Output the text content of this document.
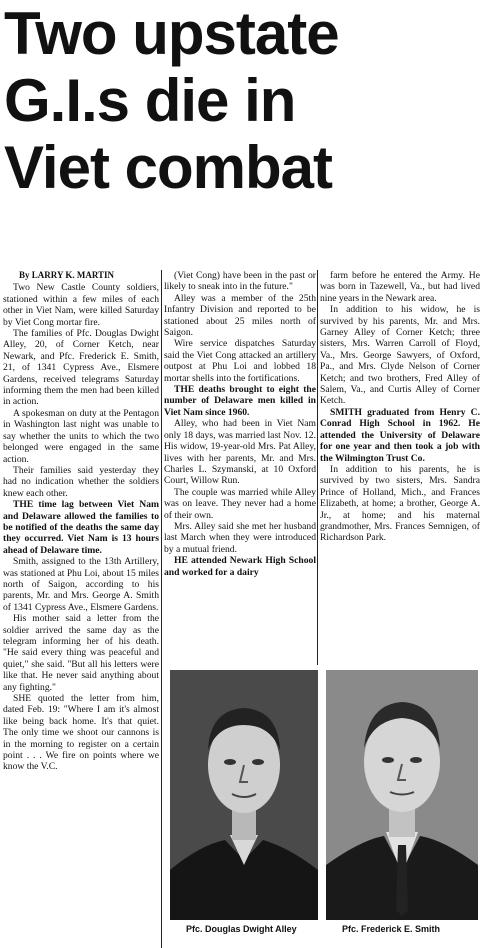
Two upstate
G.I.s die in
Viet combat
By LARRY K. MARTIN

Two New Castle County soldiers, stationed within a few miles of each other in Viet Nam, were killed Saturday by Viet Cong mortar fire.

The families of Pfc. Douglas Dwight Alley, 20, of Corner Ketch, near Newark, and Pfc. Frederick E. Smith, 21, of 1341 Cypress Ave., Elsmere Gardens, received telegrams Saturday informing them the men had been killed in action.

A spokesman on duty at the Pentagon in Washington last night was unable to say whether the units to which the two belonged were engaged in the same action.

Their families said yesterday they had no indication whether the soldiers knew each other.

THE time lag between Viet Nam and Delaware allowed the families to be notified of the deaths the same day they occurred. Viet Nam is 13 hours ahead of Delaware time.

Smith, assigned to the 13th Artillery, was stationed at Phu Loi, about 15 miles north of Saigon, according to his parents, Mr. and Mrs. George A. Smith of 1341 Cypress Ave., Elsmere Gardens.

His mother said a letter from the soldier arrived the same day as the telegram informing her of his death. "He said every thing was peaceful and quiet," she said. "But all his letters were like that. He never said anything about any fighting."

SHE quoted the letter from him, dated Feb. 19: "Where I am it's almost like being back home. It's that quiet. The only time we shoot our cannons is in the morning to register on a certain point . . . We fire on points where we know the V.C.

(Viet Cong) have been in the past or likely to sneak into in the future."

Alley was a member of the 25th Infantry Division and reported to be stationed about 25 miles north of Saigon.

Wire service dispatches Saturday said the Viet Cong attacked an artillery outpost at Phu Loi and lobbed 18 mortar shells into the fortifications.

THE deaths brought to eight the number of Delaware men killed in Viet Nam since 1960.

Alley, who had been in Viet Nam only 18 days, was married last Nov. 12. His widow, 19-year-old Mrs. Pat Alley, lives with her parents, Mr. and Mrs. Charles L. Szymanski, at 10 Oxford Court, Willow Run.

The couple was married while Alley was on leave. They never had a home of their own.

Mrs. Alley said she met her husband last March when they were introduced by a mutual friend.

HE attended Newark High School and worked for a dairy

farm before he entered the Army. He was born in Tazewell, Va., but had lived nine years in the Newark area.

In addition to his widow, he is survived by his parents, Mr. and Mrs. Garney Alley of Corner Ketch; three sisters, Mrs. Warren Carroll of Floyd, Va., Mrs. George Sawyers, of Oxford, Pa., and Mrs. Clyde Nelson of Corner Ketch; and two brothers, Fred Alley of Salem, Va., and Curtis Alley of Corner Ketch.

SMITH graduated from Henry C. Conrad High School in 1962. He attended the University of Delaware for one year and then took a job with the Wilmington Trust Co.

In addition to his parents, he is survived by two sisters, Mrs. Sandra Prince of Holland, Mich., and Frances Elizabeth, at home; a brother, George A. Jr., at home; and his maternal grandmother, Mrs. Frances Semnigen, of Richardson Park.

Pfc. Douglas Dwight Alley	Pfc. Frederick E. Smith
